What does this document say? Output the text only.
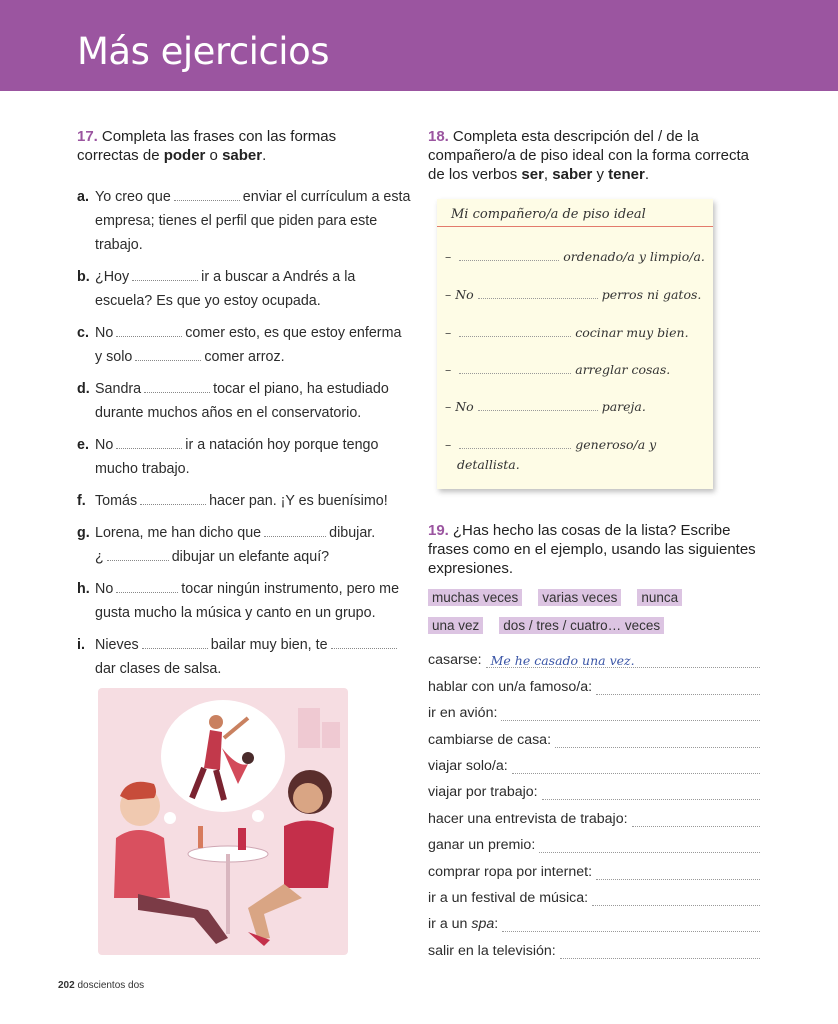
Más ejercicios
17. Completa las frases con las formas correctas de poder o saber.
a. Yo creo que	enviar el currículum a esta empresa; tienes el perfil que piden para este trabajo.
b. ¿Hoy	ir a buscar a Andrés a la escuela? Es que yo estoy ocupada.
c. No	comer esto, es que estoy enferma y solo	comer arroz.
d. Sandra	tocar el piano, ha estudiado durante muchos años en el conservatorio.
e. No	ir a natación hoy porque tengo mucho trabajo.
f. Tomás	hacer pan. ¡Y es buenísimo!
g. Lorena, me han dicho que	dibujar.
¿	dibujar un elefante aquí?
h. No	tocar ningún instrumento, pero me gusta mucho la música y canto en un grupo.
i. Nieves	bailar muy bien, tedar clases de salsa.
18. Completa esta descripción del / de la compañero/a de piso ideal con la forma correcta de los verbos ser, saber y tener.
Mi compañero/a de piso ideal
–	ordenado/a y limpio/a.
– No	perros ni gatos.
–	cocinar muy bien.
–	arreglar cosas.
– No	pareja.
–	generoso/a y
detallista.
19. ¿Has hecho las cosas de la lista? Escribe frases como en el ejemplo, usando las siguientes expresiones.
muchas veces varias veces nunca
una vez dos / tres / cuatro… veces
casarse: Me he casado una vez.
hablar con un/a famoso/a:
ir en avión:
cambiarse de casa:
viajar solo/a:
viajar por trabajo:
hacer una entrevista de trabajo:
ganar un premio:
comprar ropa por internet:
ir a un festival de música:
ir a un spa:
salir en la televisión:
202 doscientos dos
